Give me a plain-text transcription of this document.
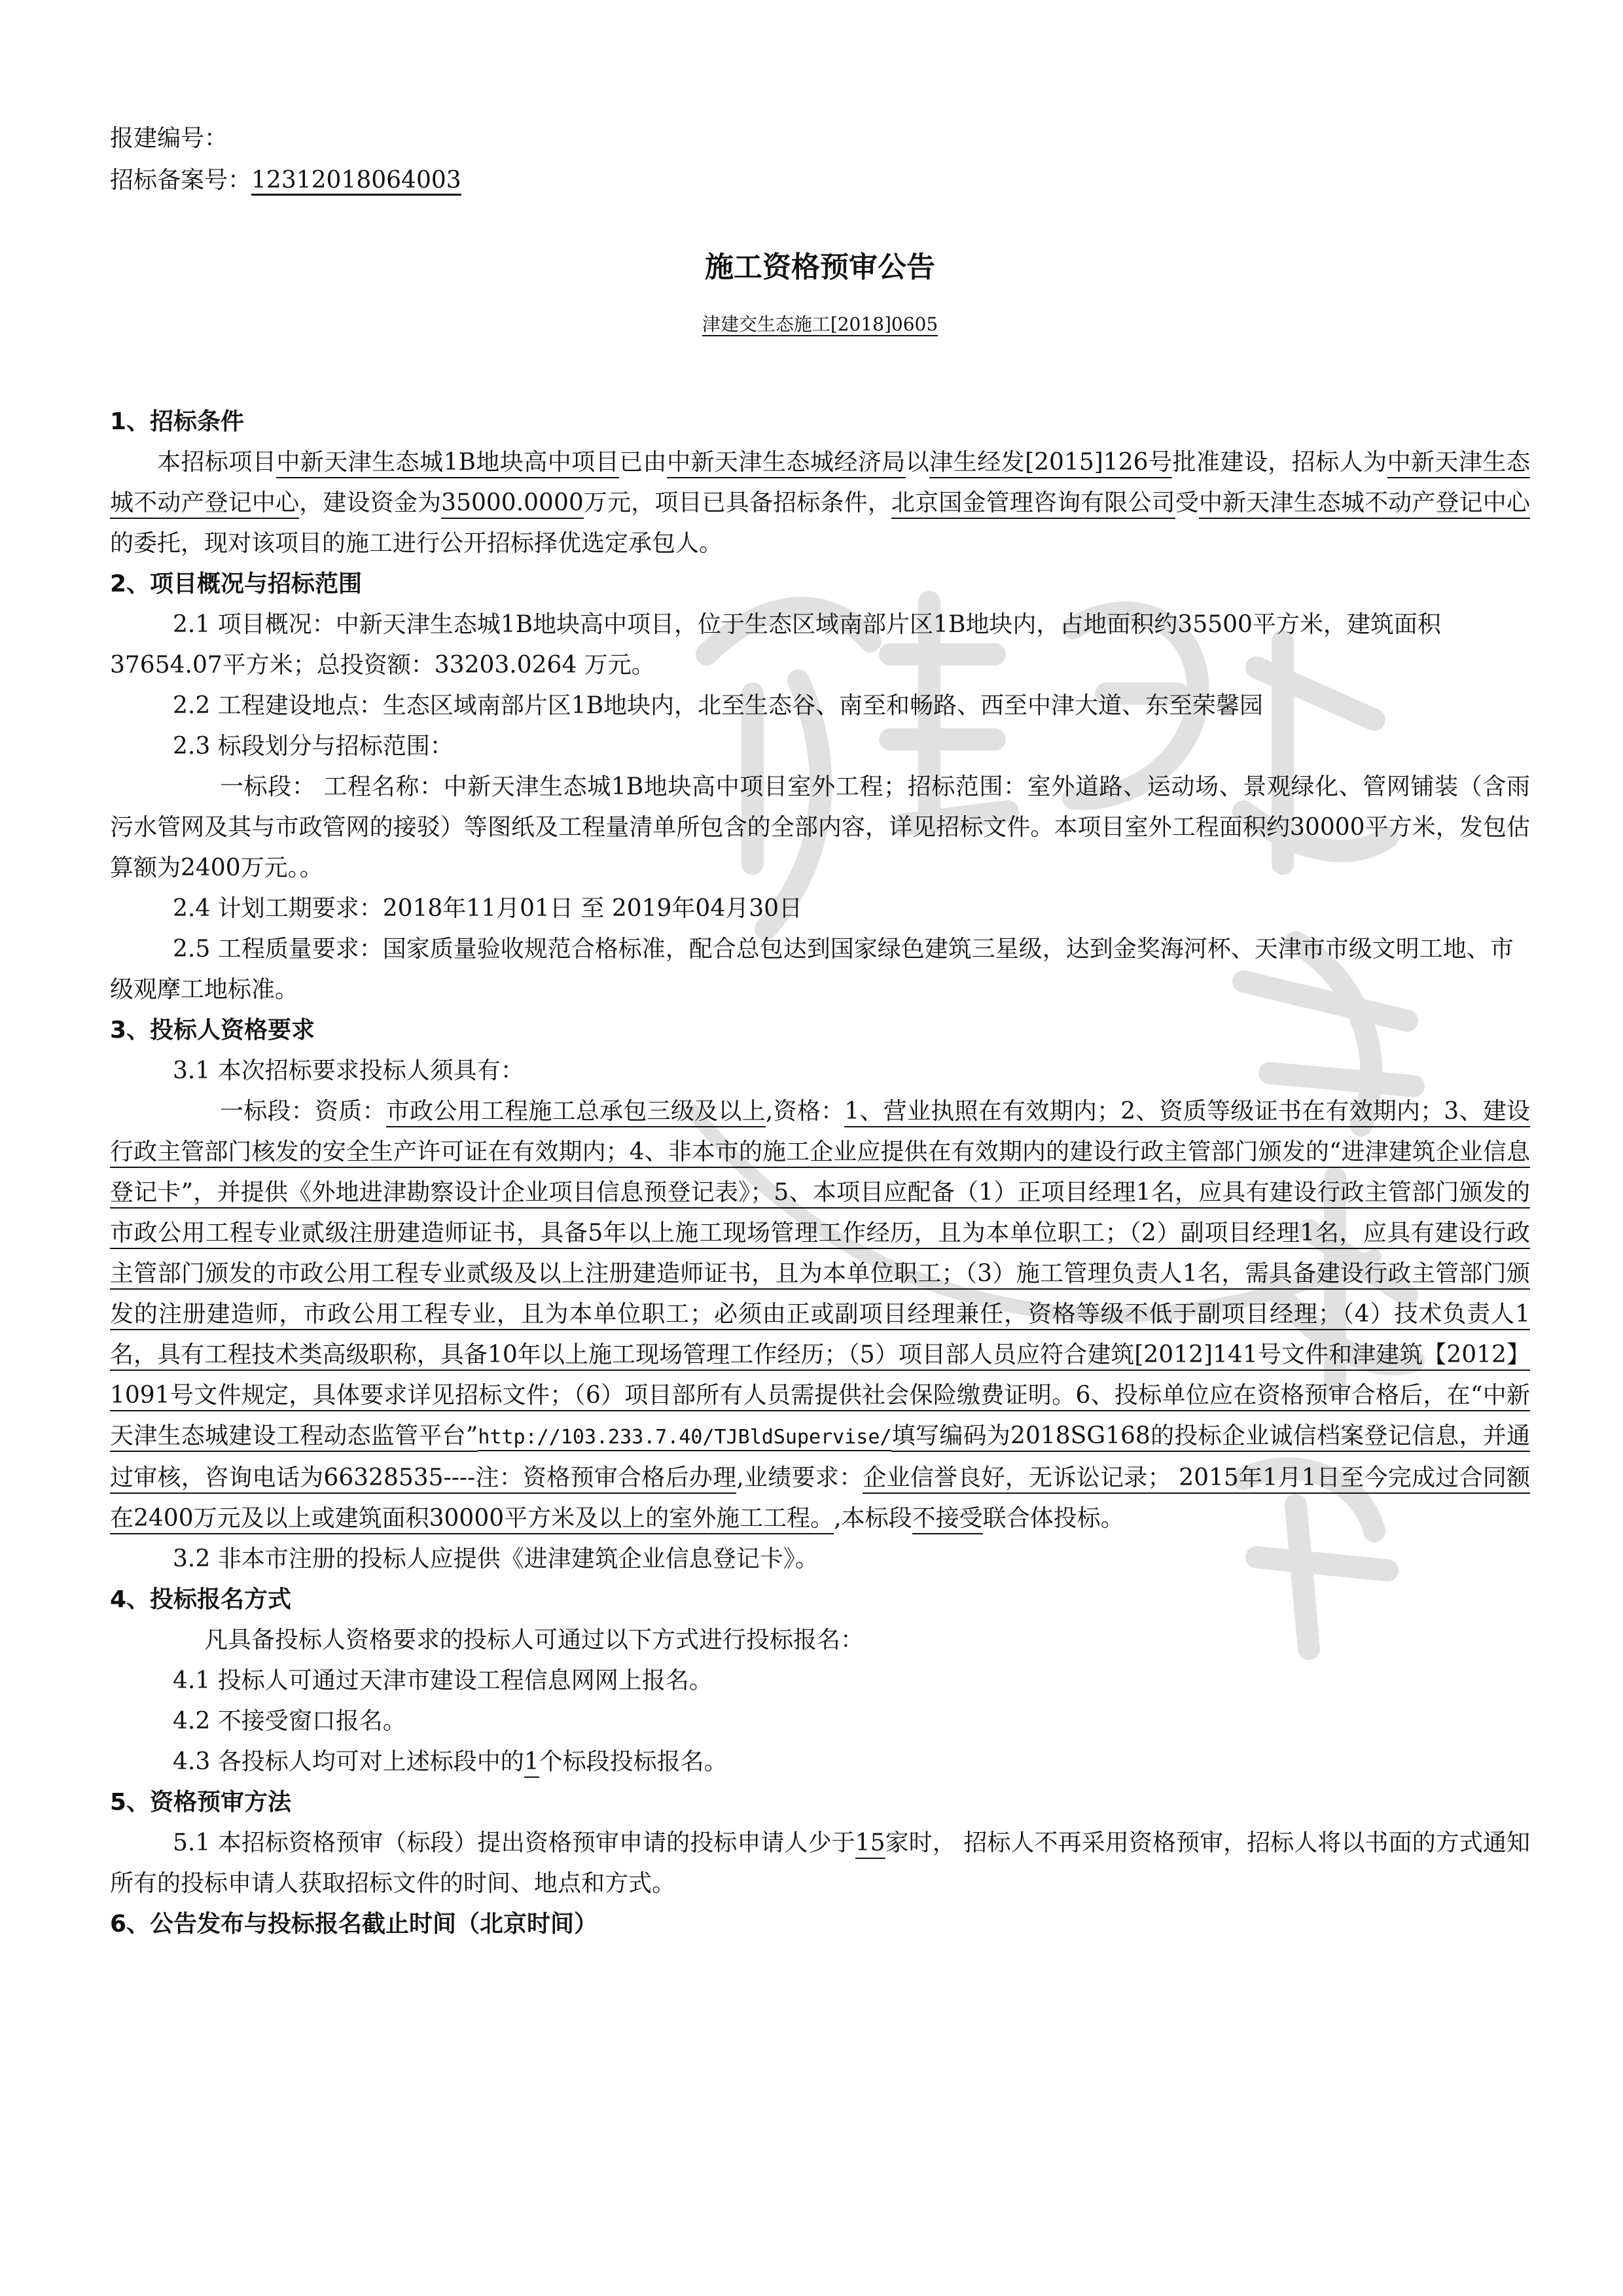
报建编号：
招标备案号：12312018064003
施工资格预审公告
津建交生态施工[2018]0605
1、招标条件
本招标项目中新天津生态城1B地块高中项目已由中新天津生态城经济局以津生经发[2015]126号批准建设，招标人为中新天津生态城不动产登记中心，建设资金为35000.0000万元，项目已具备招标条件，北京国金管理咨询有限公司受中新天津生态城不动产登记中心的委托，现对该项目的施工进行公开招标择优选定承包人。
2、项目概况与招标范围
2.1 项目概况：中新天津生态城1B地块高中项目，位于生态区域南部片区1B地块内，占地面积约35500平方米，建筑面积37654.07平方米；总投资额：33203.0264 万元。
2.2 工程建设地点：生态区域南部片区1B地块内，北至生态谷、南至和畅路、西至中津大道、东至荣馨园
2.3 标段划分与招标范围：
一标段： 工程名称：中新天津生态城1B地块高中项目室外工程；招标范围：室外道路、运动场、景观绿化、管网铺装（含雨污水管网及其与市政管网的接驳）等图纸及工程量清单所包含的全部内容，详见招标文件。本项目室外工程面积约30000平方米，发包估算额为2400万元。。
2.4 计划工期要求：2018年11月01日 至 2019年04月30日
2.5 工程质量要求：国家质量验收规范合格标准，配合总包达到国家绿色建筑三星级，达到金奖海河杯、天津市市级文明工地、市级观摩工地标准。
3、投标人资格要求
3.1 本次招标要求投标人须具有：
一标段：资质：市政公用工程施工总承包三级及以上,资格：1、营业执照在有效期内；2、资质等级证书在有效期内；3、建设行政主管部门核发的安全生产许可证在有效期内；4、非本市的施工企业应提供在有效期内的建设行政主管部门颁发的“进津建筑企业信息登记卡”，并提供《外地进津勘察设计企业项目信息预登记表》；5、本项目应配备（1）正项目经理1名，应具有建设行政主管部门颁发的市政公用工程专业贰级注册建造师证书，具备5年以上施工现场管理工作经历，且为本单位职工；（2）副项目经理1名，应具有建设行政主管部门颁发的市政公用工程专业贰级及以上注册建造师证书，且为本单位职工；（3）施工管理负责人1名，需具备建设行政主管部门颁发的注册建造师，市政公用工程专业，且为本单位职工；必须由正或副项目经理兼任，资格等级不低于副项目经理；（4）技术负责人1名，具有工程技术类高级职称，具备10年以上施工现场管理工作经历；（5）项目部人员应符合建筑[2012]141号文件和津建筑【2012】1091号文件规定，具体要求详见招标文件；（6）项目部所有人员需提供社会保险缴费证明。6、投标单位应在资格预审合格后，在“中新天津生态城建设工程动态监管平台”http://103.233.7.40/TJBldSupervise/填写编码为2018SG168的投标企业诚信档案登记信息，并通过审核，咨询电话为66328535----注：资格预审合格后办理,业绩要求：企业信誉良好，无诉讼记录； 2015年1月1日至今完成过合同额在2400万元及以上或建筑面积30000平方米及以上的室外施工工程。,本标段不接受联合体投标。
3.2 非本市注册的投标人应提供《进津建筑企业信息登记卡》。
4、投标报名方式
凡具备投标人资格要求的投标人可通过以下方式进行投标报名：
4.1 投标人可通过天津市建设工程信息网网上报名。
4.2 不接受窗口报名。
4.3 各投标人均可对上述标段中的1个标段投标报名。
5、资格预审方法
5.1 本招标资格预审（标段）提出资格预审申请的投标申请人少于15家时， 招标人不再采用资格预审，招标人将以书面的方式通知所有的投标申请人获取招标文件的时间、地点和方式。
6、公告发布与投标报名截止时间（北京时间）
